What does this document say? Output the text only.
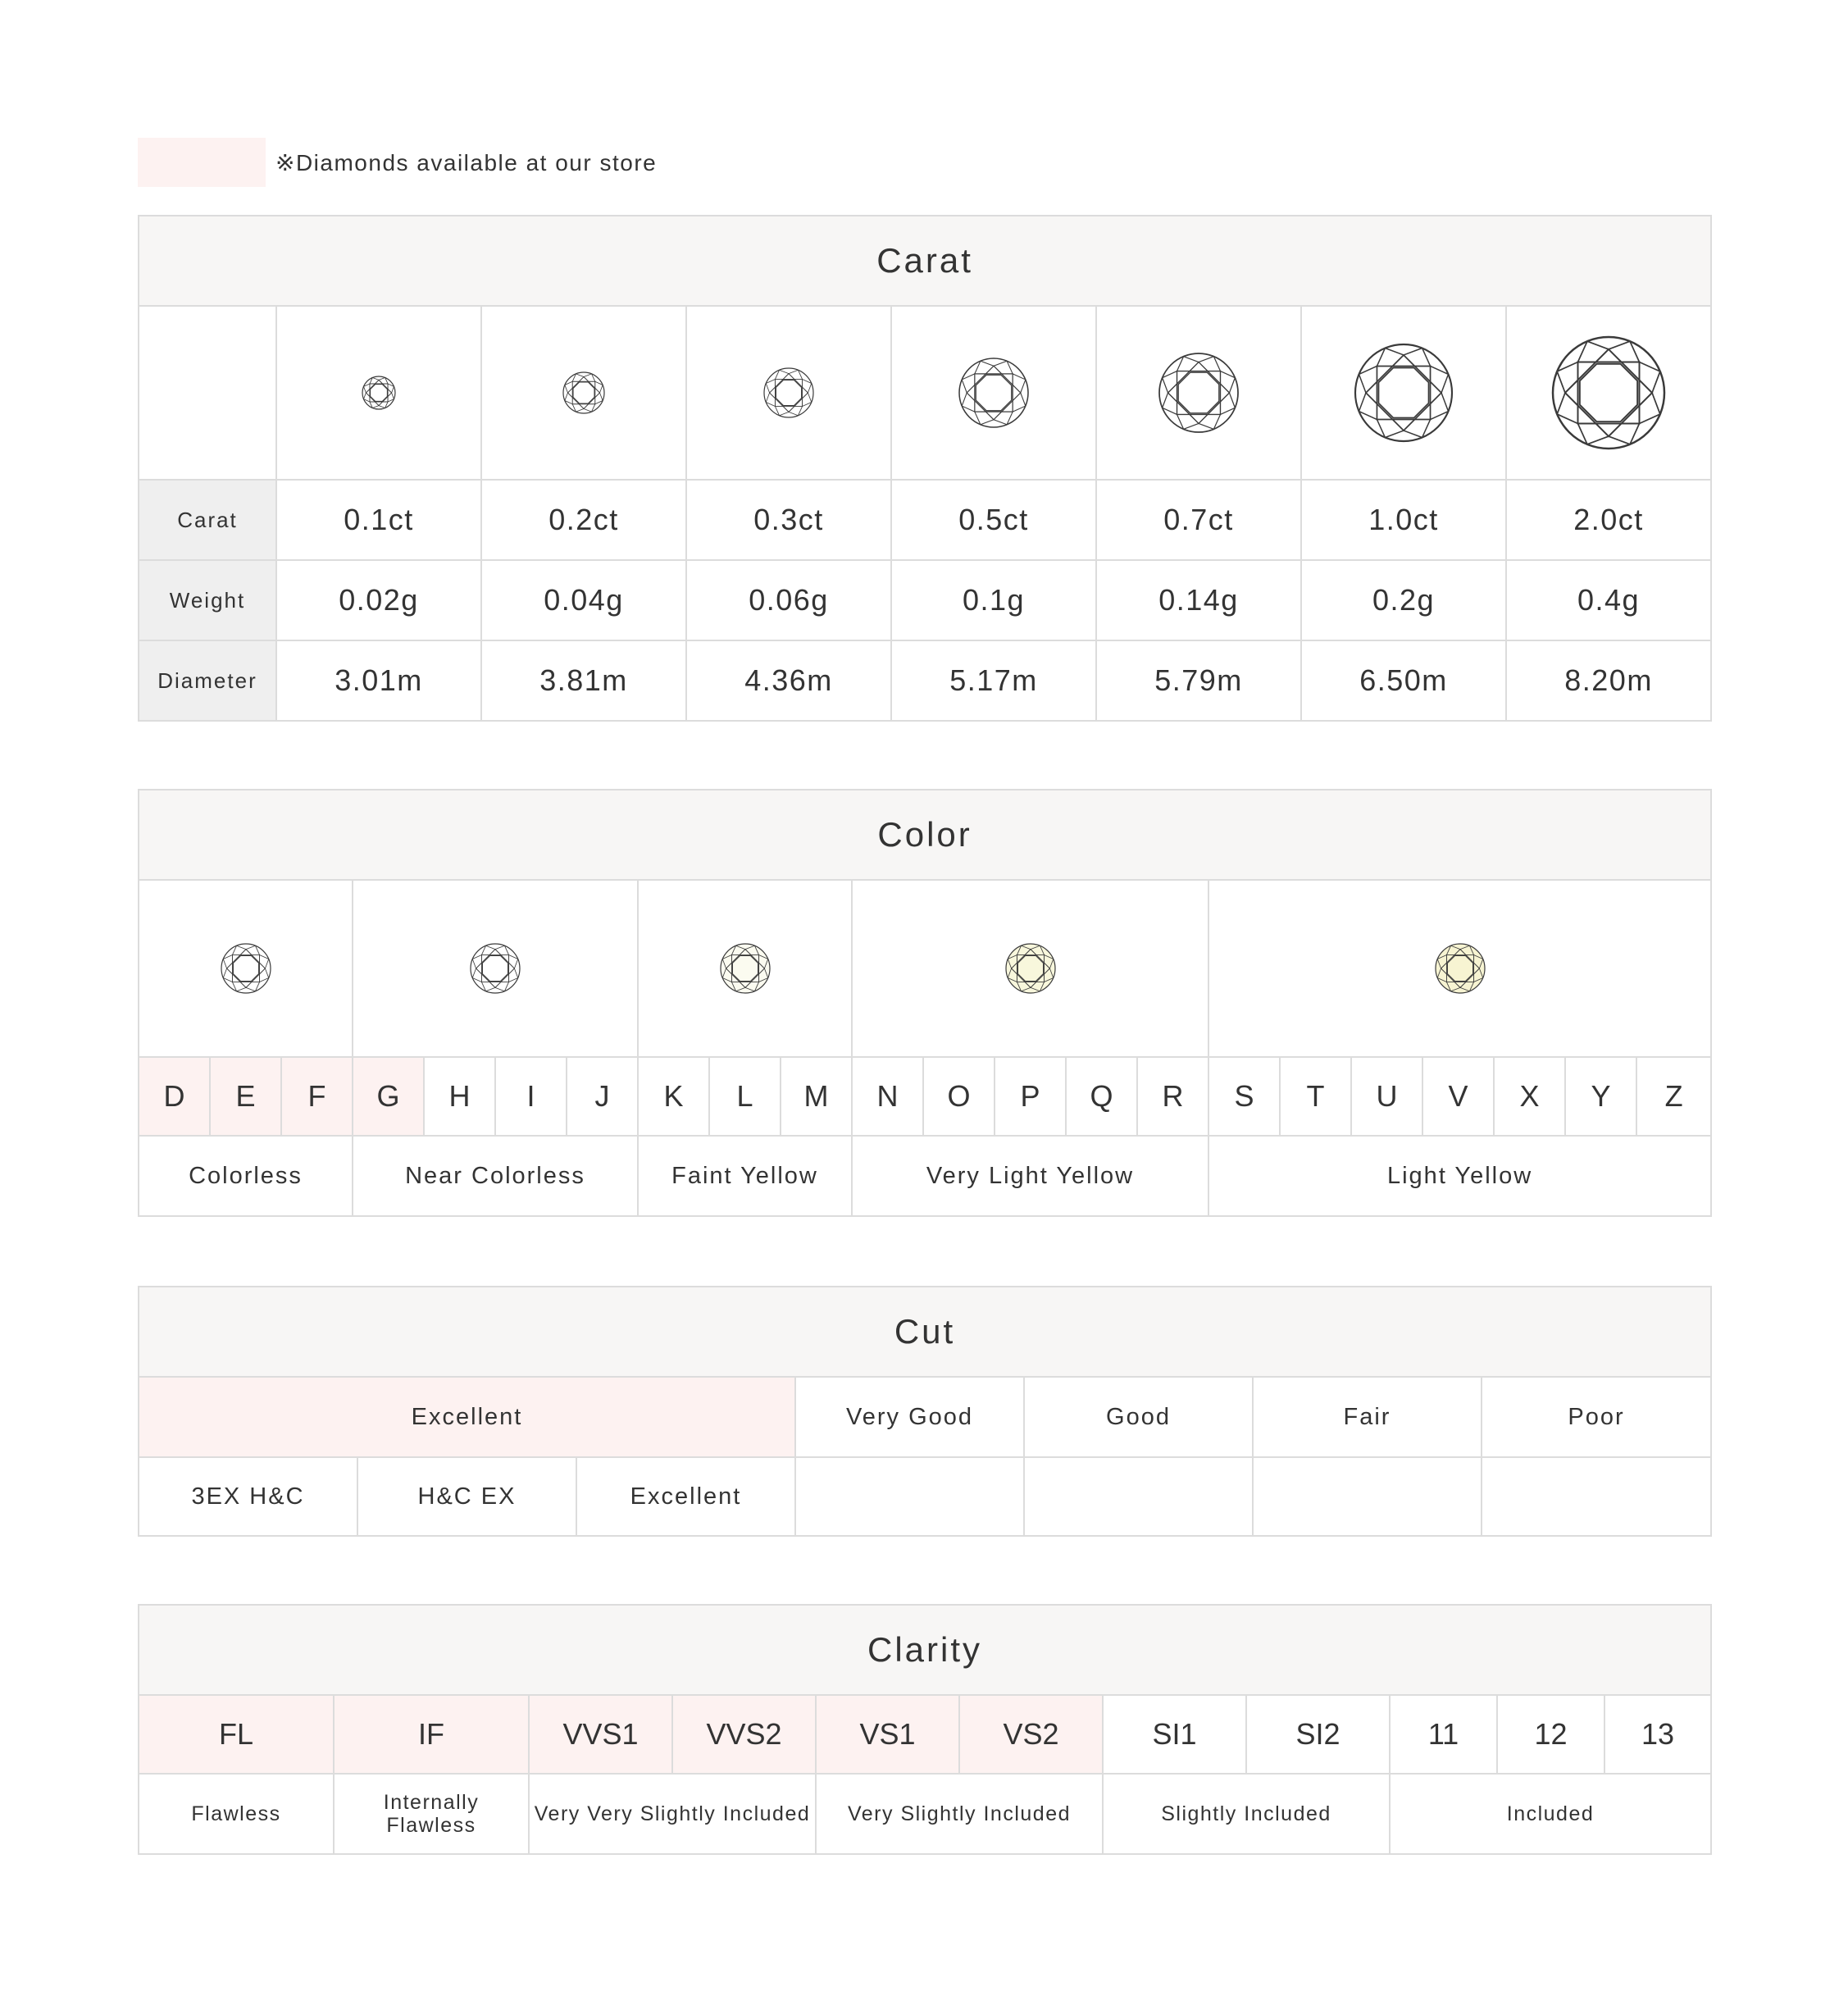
※Diamonds available at our store
Carat							

Carat	0.1ct	0.2ct	0.3ct	0.5ct	0.7ct	1.0ct	2.0ct
Weight	0.02g	0.04g	0.06g	0.1g	0.14g	0.2g	0.4g
Diameter	3.01m	3.81m	4.36m	5.17m	5.79m	6.50m	8.20m
Color																					

D	E	F	G	H	I	J	K	L	M	N	O	P	Q	R	S	T	U	V	X	Y	Z
Colorless			Near Colorless				Faint Yellow			Very Light Yellow					Light Yellow						
Cut						
Excellent			Very Good	Good	Fair	Poor
3EX H&C	H&C EX	Excellent				
Clarity										
FL	IF	VVS1	VVS2	VS1	VS2	SI1	SI2	11	12	13
Flawless	Internally Flawless	Very Very Slightly Included		Very Slightly Included		Slightly Included		Included		
